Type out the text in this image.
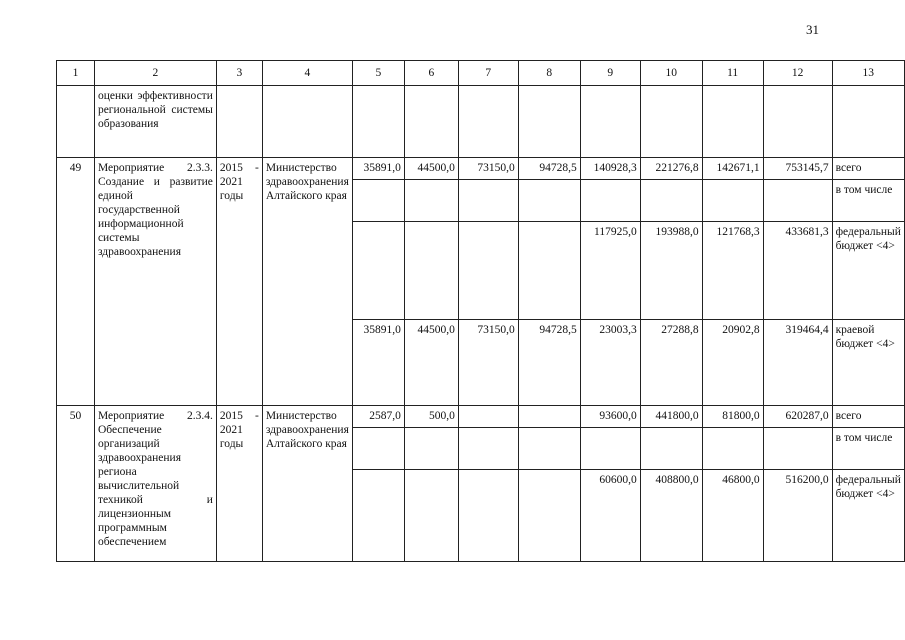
31
1	2	3	4	5	6	7	8	9	10	11	12	13
	оценки эффективности региональной системы образования											
49	Мероприятие 2.3.3. Создание и развитие единой государственной информационной системы здравоохранения	2015 - 2021 годы	Министерство здравоохранения Алтайского края	35891,0	44500,0	73150,0	94728,5	140928,3	221276,8	142671,1	753145,7	всего
												в том числе
								117925,0	193988,0	121768,3	433681,3	федеральный бюджет <4>
				35891,0	44500,0	73150,0	94728,5	23003,3	27288,8	20902,8	319464,4	краевой бюджет <4>
50	Мероприятие 2.3.4. Обеспечение организаций здравоохранения региона вычислительной техникой и лицензионным программным обеспечением	2015 - 2021 годы	Министерство здравоохранения Алтайского края	2587,0	500,0			93600,0	441800,0	81800,0	620287,0	всего
												в том числе
								60600,0	408800,0	46800,0	516200,0	федеральный бюджет <4>
